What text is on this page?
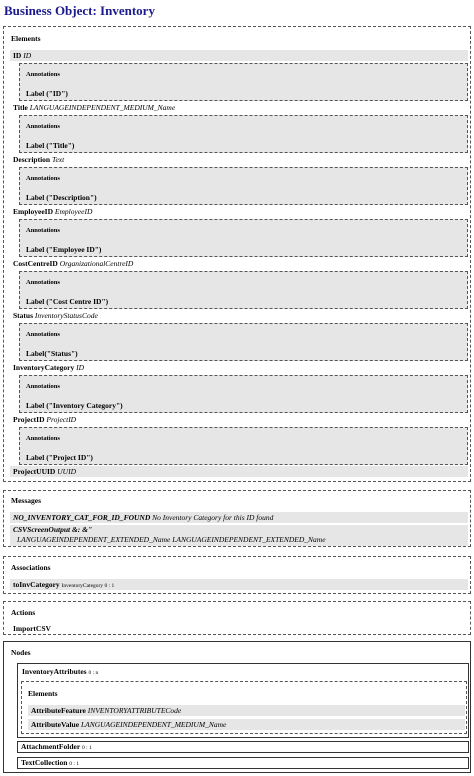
Business Object: Inventory
Elements
ID ID
Annotations
Label ("ID")
Title LANGUAGEINDEPENDENT_MEDIUM_Name
Annotations
Label ("Title")
Description Text
Annotations
Label ("Description")
EmployeeID EmployeeID
Annotations
Label ("Employee ID")
CostCentreID OrganizationalCentreID
Annotations
Label ("Cost Centre ID")
Status InventoryStatusCode
Annotations
Label("Status")
InventoryCategory ID
Annotations
Label ("Inventory Category")
ProjectID ProjectID
Annotations
Label ("Project ID")
ProjectUUID UUID
Messages
NO_INVENTORY_CAT_FOR_ID_FOUND No Inventory Category for this ID found
CSVScreenOutput &: &"
LANGUAGEINDEPENDENT_EXTENDED_Name LANGUAGEINDEPENDENT_EXTENDED_Name
Associations
toInvCategory InventoryCategory 0 : 1
Actions
ImportCSV
Nodes
InventoryAttributes 0 : n
Elements
AttributeFeature INVENTORYATTRIBUTECode
AttributeValue LANGUAGEINDEPENDENT_MEDIUM_Name
AttachmentFolder 0 : 1
TextCollection 0 : 1
